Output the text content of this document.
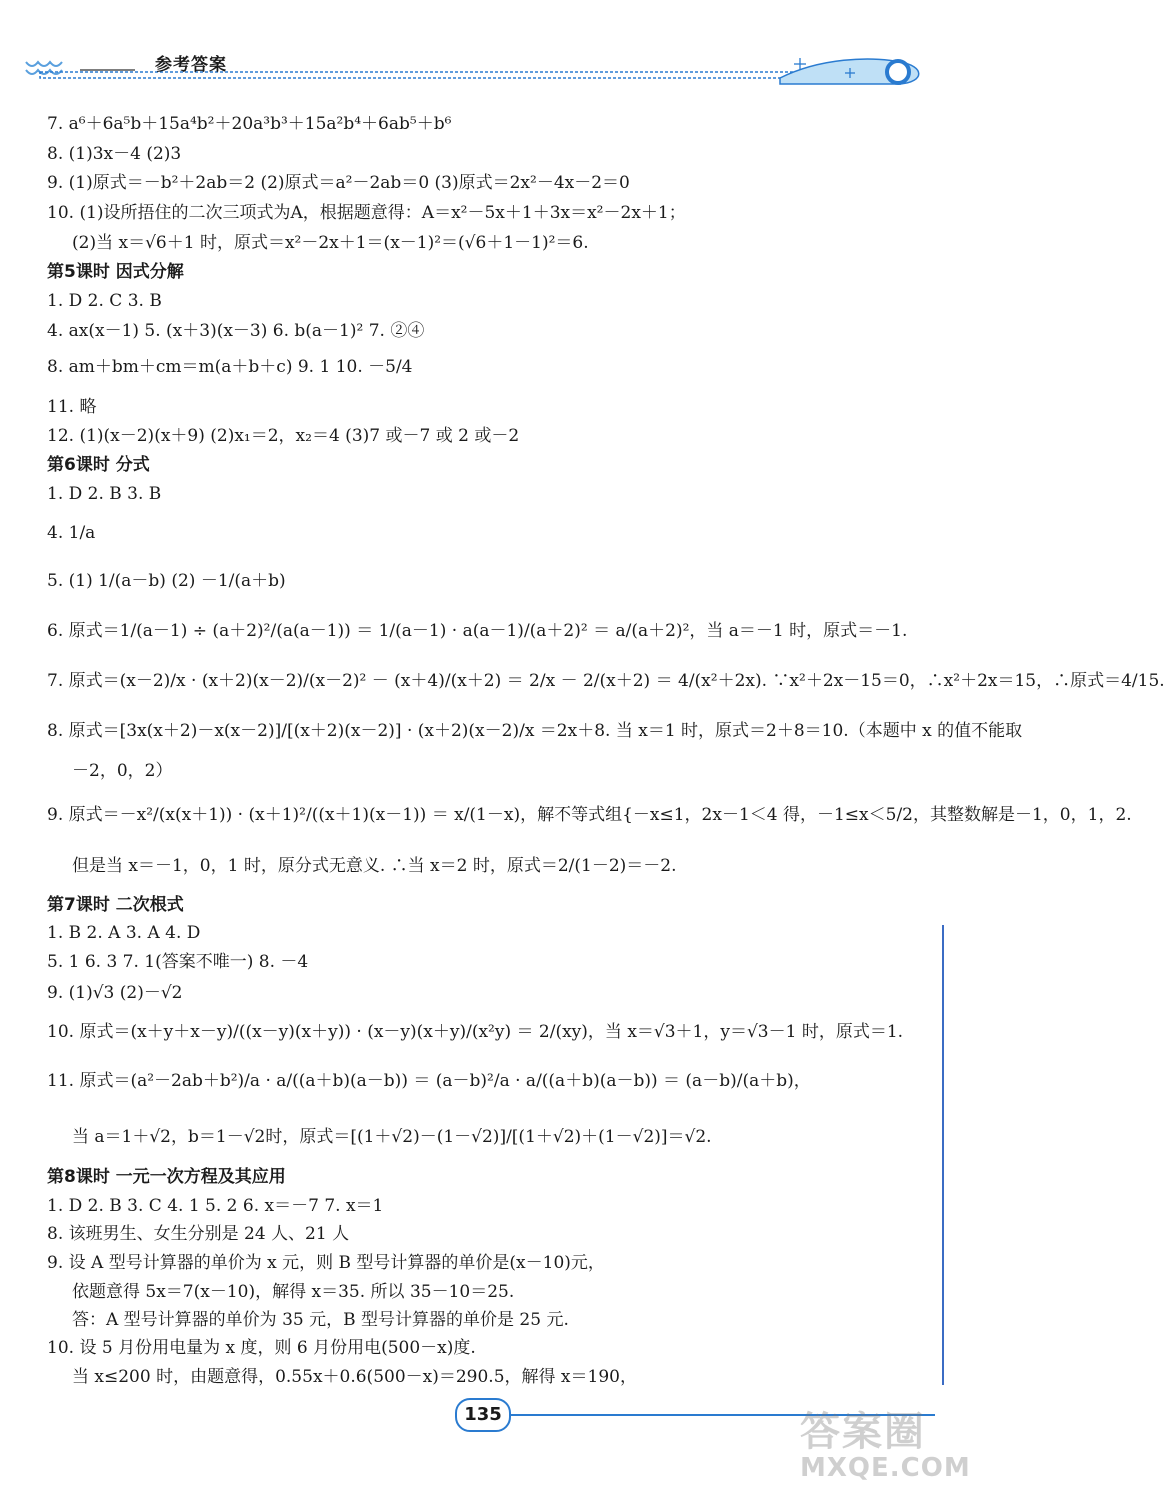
参考答案
7. a⁶＋6a⁵b＋15a⁴b²＋20a³b³＋15a²b⁴＋6ab⁵＋b⁶
8. (1)3x－4 (2)3
9. (1)原式＝－b²＋2ab＝2 (2)原式＝a²－2ab＝0 (3)原式＝2x²－4x－2＝0
10. (1)设所捂住的二次三项式为A，根据题意得：A＝x²－5x＋1＋3x＝x²－2x＋1；
(2)当 x＝√6＋1 时，原式＝x²－2x＋1＝(x－1)²＝(√6＋1－1)²＝6.
第5课时 因式分解
1. D 2. C 3. B
4. ax(x－1) 5. (x＋3)(x－3) 6. b(a－1)² 7. ②④
8. am＋bm＋cm＝m(a＋b＋c) 9. 1 10. －5/4
11. 略
12. (1)(x－2)(x＋9) (2)x₁＝2，x₂＝4 (3)7 或－7 或 2 或－2
第6课时 分式
1. D 2. B 3. B
4. 1/a
5. (1) 1/(a－b) (2) －1/(a＋b)
6. 原式＝1/(a－1) ÷ (a＋2)²/(a(a－1)) ＝ 1/(a－1) · a(a－1)/(a＋2)² ＝ a/(a＋2)²，当 a＝－1 时，原式＝－1.
7. 原式＝(x－2)/x · (x＋2)(x－2)/(x－2)² － (x＋4)/(x＋2) ＝ 2/x － 2/(x＋2) ＝ 4/(x²＋2x). ∵x²＋2x－15＝0，∴x²＋2x＝15，∴原式＝4/15.
8. 原式＝[3x(x＋2)－x(x－2)]/[(x＋2)(x－2)] · (x＋2)(x－2)/x ＝2x＋8. 当 x＝1 时，原式＝2＋8＝10.（本题中 x 的值不能取
－2，0，2）
9. 原式＝－x²/(x(x＋1)) · (x＋1)²/((x＋1)(x－1)) ＝ x/(1－x)，解不等式组{－x≤1，2x－1＜4 得，－1≤x＜5/2，其整数解是－1，0，1，2.
但是当 x＝－1，0，1 时，原分式无意义. ∴当 x＝2 时，原式＝2/(1－2)＝－2.
第7课时 二次根式
1. B 2. A 3. A 4. D
5. 1 6. 3 7. 1(答案不唯一) 8. －4
9. (1)√3 (2)－√2
10. 原式＝(x＋y＋x－y)/((x－y)(x＋y)) · (x－y)(x＋y)/(x²y) ＝ 2/(xy)，当 x＝√3＋1，y＝√3－1 时，原式＝1.
11. 原式＝(a²－2ab＋b²)/a · a/((a＋b)(a－b)) ＝ (a－b)²/a · a/((a＋b)(a－b)) ＝ (a－b)/(a＋b)，
当 a＝1＋√2，b＝1－√2时，原式＝[(1＋√2)－(1－√2)]/[(1＋√2)＋(1－√2)]＝√2.
第8课时 一元一次方程及其应用
1. D 2. B 3. C 4. 1 5. 2 6. x＝－7 7. x＝1
8. 该班男生、女生分别是 24 人、21 人
9. 设 A 型号计算器的单价为 x 元，则 B 型号计算器的单价是(x－10)元，
依题意得 5x＝7(x－10)，解得 x＝35. 所以 35－10＝25.
答：A 型号计算器的单价为 35 元，B 型号计算器的单价是 25 元.
10. 设 5 月份用电量为 x 度，则 6 月份用电(500－x)度.
当 x≤200 时，由题意得，0.55x＋0.6(500－x)＝290.5，解得 x＝190，
135	答案圈
MXQE.COM
